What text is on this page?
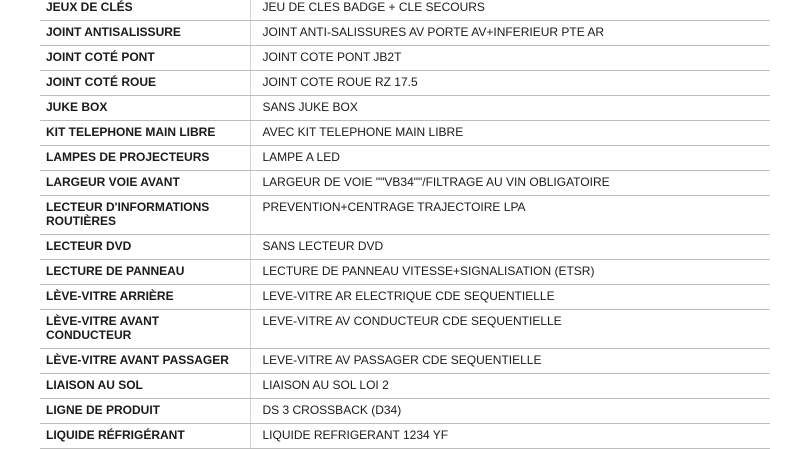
JEUX DE CLÉS	JEU DE CLES BADGE + CLE SECOURS
JOINT ANTISALISSURE	JOINT ANTI-SALISSURES AV PORTE AV+INFERIEUR PTE AR
JOINT COTÉ PONT	JOINT COTE PONT JB2T
JOINT COTÉ ROUE	JOINT COTE ROUE RZ 17.5
JUKE BOX	SANS JUKE BOX
KIT TELEPHONE MAIN LIBRE	AVEC KIT TELEPHONE MAIN LIBRE
LAMPES DE PROJECTEURS	LAMPE A LED
LARGEUR VOIE AVANT	LARGEUR DE VOIE ""VB34""/FILTRAGE AU VIN OBLIGATOIRE
LECTEUR D'INFORMATIONS ROUTIÈRES	PREVENTION+CENTRAGE TRAJECTOIRE LPA
LECTEUR DVD	SANS LECTEUR DVD
LECTURE DE PANNEAU	LECTURE DE PANNEAU VITESSE+SIGNALISATION (ETSR)
LÈVE-VITRE ARRIÈRE	LEVE-VITRE AR ELECTRIQUE CDE SEQUENTIELLE
LÈVE-VITRE AVANT CONDUCTEUR	LEVE-VITRE AV CONDUCTEUR CDE SEQUENTIELLE
LÈVE-VITRE AVANT PASSAGER	LEVE-VITRE AV PASSAGER CDE SEQUENTIELLE
LIAISON AU SOL	LIAISON AU SOL LOI 2
LIGNE DE PRODUIT	DS 3 CROSSBACK (D34)
LIQUIDE RÉFRIGÉRANT	LIQUIDE REFRIGERANT 1234 YF
